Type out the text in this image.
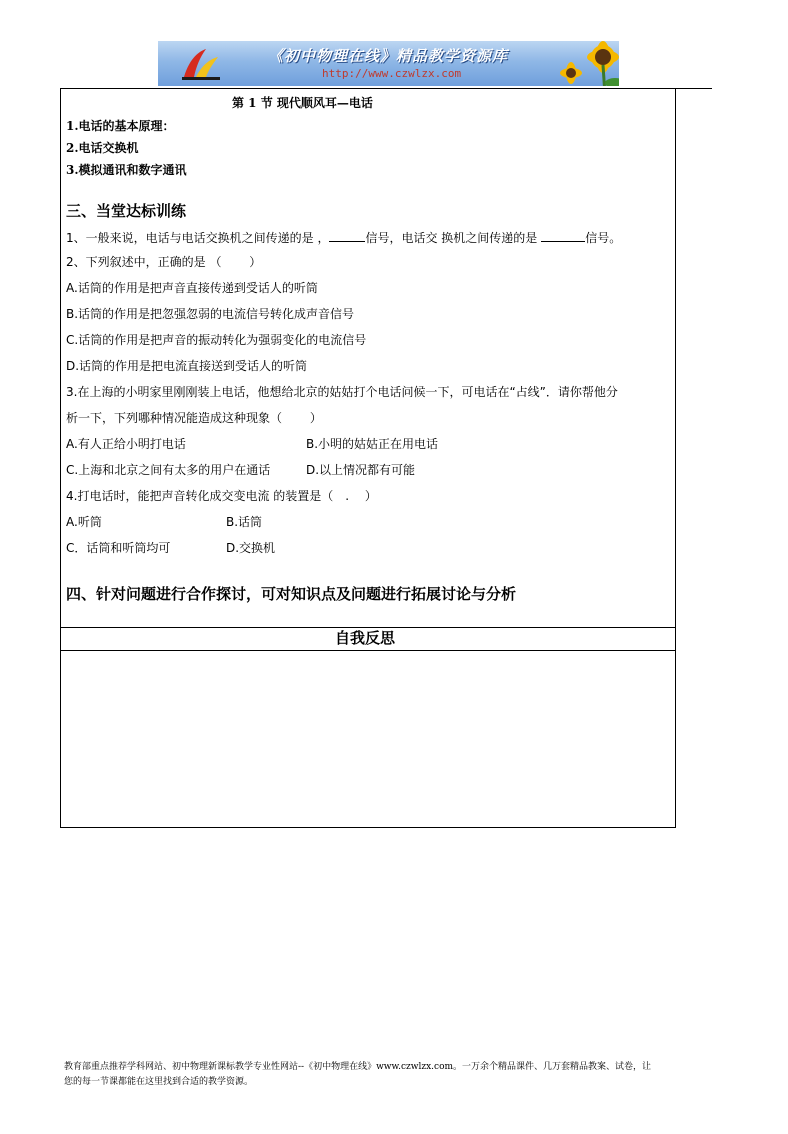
《初中物理在线》精品教学资源库
http://www.czwlzx.com
第 1 节 现代顺风耳—电话
1.电话的基本原理：
2.电话交换机
3.模拟通讯和数字通讯
三、当堂达标训练
1、一般来说，电话与电话交换机之间传递的是 ，	信号，电话交 换机之间传递的是	信号。
2、下列叙述中，正确的是 （　　 ）
A.话筒的作用是把声音直接传递到受话人的听筒
B.话筒的作用是把忽强忽弱的电流信号转化成声音信号
C.话筒的作用是把声音的振动转化为强弱变化的电流信号
D.话筒的作用是把电流直接送到受话人的听筒
3.在上海的小明家里刚刚装上电话，他想给北京的姑姑打个电话问候一下，可电话在“占线”．请你帮他分
析一下，下列哪种情况能造成这种现象（　　 ）
A.有人正给小明打电话	B.小明的姑姑正在用电话
C.上海和北京之间有太多的用户在通话	D.以上情况都有可能
4.打电话时，能把声音转化成交变电流 的装置是（　.　 ）
A.听筒	B.话筒
C．话筒和听筒均可	D.交换机
四、针对问题进行合作探讨，可对知识点及问题进行拓展讨论与分析
自我反思
教育部重点推荐学科网站、初中物理新课标教学专业性网站--《初中物理在线》www.czwlzx.com。一万余个精品课件、几万套精品教案、试卷，让
您的每一节课都能在这里找到合适的教学资源。
